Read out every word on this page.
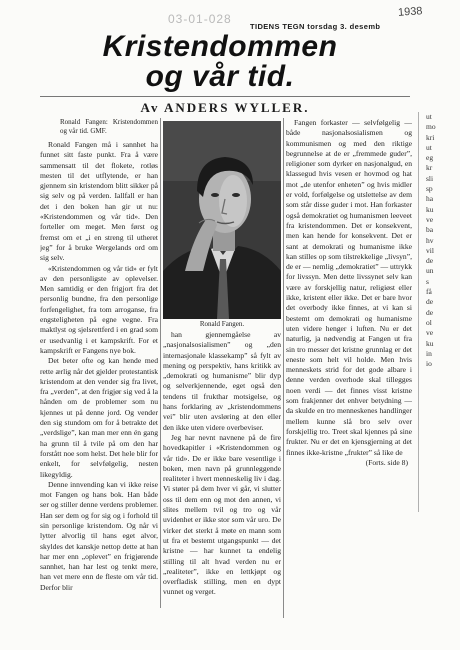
03-01-028
1938
TIDENS TEGN torsdag 3. desemb
Kristendommen
og vår tid.
Av ANDERS WYLLER.

Ronald Fangen: Kristendommen og vår tid. GMF.

Ronald Fangen må i sannhet ha funnet sitt faste punkt. Fra å være sammensatt til det flokete, rotløs mesten til det utflytende, er han gjennem sin kristendom blitt sikker på sig selv og på verden. Iallfall er han det i den boken han gir ut nu: «Kristendommen og vår tid». Den forteller om meget. Men først og fremst om et „i en streng til utheret jeg” for å bruke Wergelands ord om sig selv.

«Kristendommen og vår tid» er fylt av den personligste av oplevelser. Men samtidig er den frigjort fra det personlig bundne, fra den personlige forfengelighet, fra tom arroganse, fra engsteligheten på egne vegne. Fra maktlyst og sjelsrettferd i en grad som er usedvanlig i et kampskrift. For et kampskrift er Fangens nye bok.

Det beter ofte og kan hende med rette ærlig når det gjelder protestantisk kristendom at den vender sig fra livet, fra „verden”, at den frigjør sig ved å la hånden om de problemer som nu kjennes ut på denne jord. Og vender den sig stundom om for å betrakte det „verdslige”, kan man mer enn én gang ha grunn til å tvile på om den har forstått noe som helst. Det hele blir for enkelt, for selvfølgelig, nesten likegyldig.

Denne innvending kan vi ikke reise mot Fangen og hans bok. Han både ser og stiller denne verdens problemer. Han ser dem og for sig og i forhold til sin personlige kristendom. Og når vi lytter alvorlig til hans eget alvor, skyldes det kanskje nettop dette at han har mer enn „oplevet” en frigjørende sannhet, han har lest og tenkt mere, han vet mere enn de fleste om vår tid. Derfor blir

Ronald Fangen.

han gjennemgåelse av „nasjonalsosialismen” og „den internasjonale klassekamp” så fylt av mening og perspektiv, hans kritikk av „demokrati og humanisme” blir dyp og selverkjennende, eget også den tendens til frukthar motsigelse, og hans forklaring av „kristendommens vei” blir uten avsløring at den eller den ikke uten videre overbeviser.

Jeg har nevnt navnene på de fire hovedkapitler i «Kristendommen og vår tid». De er ikke bare vesentlige i boken, men navn på grunnleggende realiteter i hvert menneskelig liv i dag. Vi støter på dem hver vi går, vi slutter oss til dem enn og mot den annen, vi slites mellem tvil og tro og vår uvidenhet er ikke stor som vår uro. De virker det sterkt å møte en mann som ut fra et bestemt utgangspunkt — det kristne — har kunnet ta endelig stilling til alt hvad verden nu er „realiteter”, ikke en lettkjøpt og overfladisk stilling, men en dypt vunnet og verget.

Fangen forkaster — selvfølgelig — både nasjonalsosialismen og kommunismen og med den riktige begrunnelse at de er „fremmede guder”, religioner som dyrker en nasjonalgud, en klassegud hvis vesen er hovmod og hat mot „de utenfor enheten” og hvis midler er vold, forfølgelse og utslettelse av dem som står disse guder i mot. Han forkaster også demokratiet og humanismen leeveet fra kristendommen. Det er konsekvent, men kan hende for konsekvent. Det er sant at demokrati og humanisme ikke kan stilles op som tilstrekkelige „livsyn”, de er — nemlig „demokratiet” — uttrykk for livssyn. Men dette livssynet selv kan være av forskjellig natur, religiøst eller ikke, kristent eller ikke. Det er bare hvor det overbody ikke finnes, at vi kan si bestemt om demokrati og humanisme uten videre henger i luften. Nu er det naturlig, ja nødvendig at Fangen ut fra sin tro messer det kristne grunnlag er det eneste som helt vil holde. Men hvis menneskets strid for det gode albare i denne verden overhode skal tillegges noen verdi — det finnes visst kristne som frakjenner det enhver betydning — da skulde en tro menneskenes handlinger mellem kunne slå bro selv over forskjellig tro. Treet skal kjennes på sine frukter. Nu er det en kjensgjerning at det finnes ikke-kristne „frukter” så like de

(Forts. side 8)

ut
mo
kri
ut
eg
kr
sli
sp
ha
ku
ve
ba
hv
vil
de
un
s
få
de
de
ol
ve
ku
in
io
